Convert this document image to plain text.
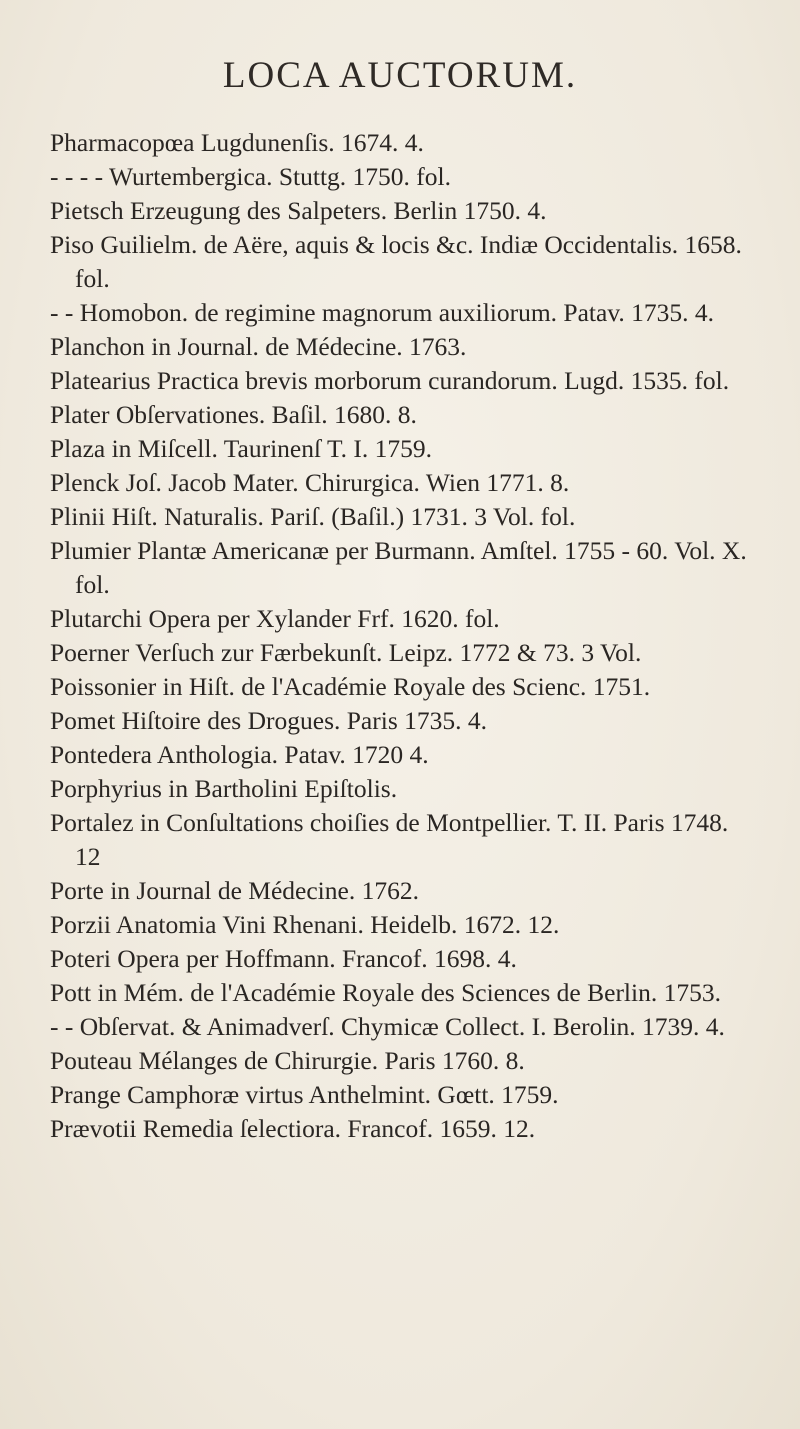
LOCA AUCTORUM.

Pharmacopœa Lugdunenſis. 1674. 4.

- - - - Wurtembergica. Stuttg. 1750. fol.

Pietsch Erzeugung des Salpeters. Berlin 1750. 4.

Piso Guilielm. de Aëre, aquis & locis &c. Indiæ Occidentalis. 1658. fol.

- - Homobon. de regimine magnorum auxiliorum. Patav. 1735. 4.

Planchon in Journal. de Médecine. 1763.

Platearius Practica brevis morborum curandorum. Lugd. 1535. fol.

Plater Obſervationes. Baſil. 1680. 8.

Plaza in Miſcell. Taurinenſ T. I. 1759.

Plenck Joſ. Jacob Mater. Chirurgica. Wien 1771. 8.

Plinii Hiſt. Naturalis. Pariſ. (Baſil.) 1731. 3 Vol. fol.

Plumier Plantæ Americanæ per Burmann. Amſtel. 1755 - 60. Vol. X. fol.

Plutarchi Opera per Xylander Frf. 1620. fol.

Poerner Verſuch zur Færbekunſt. Leipz. 1772 & 73. 3 Vol.

Poissonier in Hiſt. de l'Académie Royale des Scienc. 1751.

Pomet Hiſtoire des Drogues. Paris 1735. 4.

Pontedera Anthologia. Patav. 1720 4.

Porphyrius in Bartholini Epiſtolis.

Portalez in Conſultations choiſies de Montpellier. T. II. Paris 1748. 12

Porte in Journal de Médecine. 1762.

Porzii Anatomia Vini Rhenani. Heidelb. 1672. 12.

Poteri Opera per Hoffmann. Francof. 1698. 4.

Pott in Mém. de l'Académie Royale des Sciences de Berlin. 1753.

- - Obſervat. & Animadverſ. Chymicæ Collect. I. Berolin. 1739. 4.

Pouteau Mélanges de Chirurgie. Paris 1760. 8.

Prange Camphoræ virtus Anthelmint. Gœtt. 1759.

Prævotii Remedia ſelectiora. Francof. 1659. 12.
